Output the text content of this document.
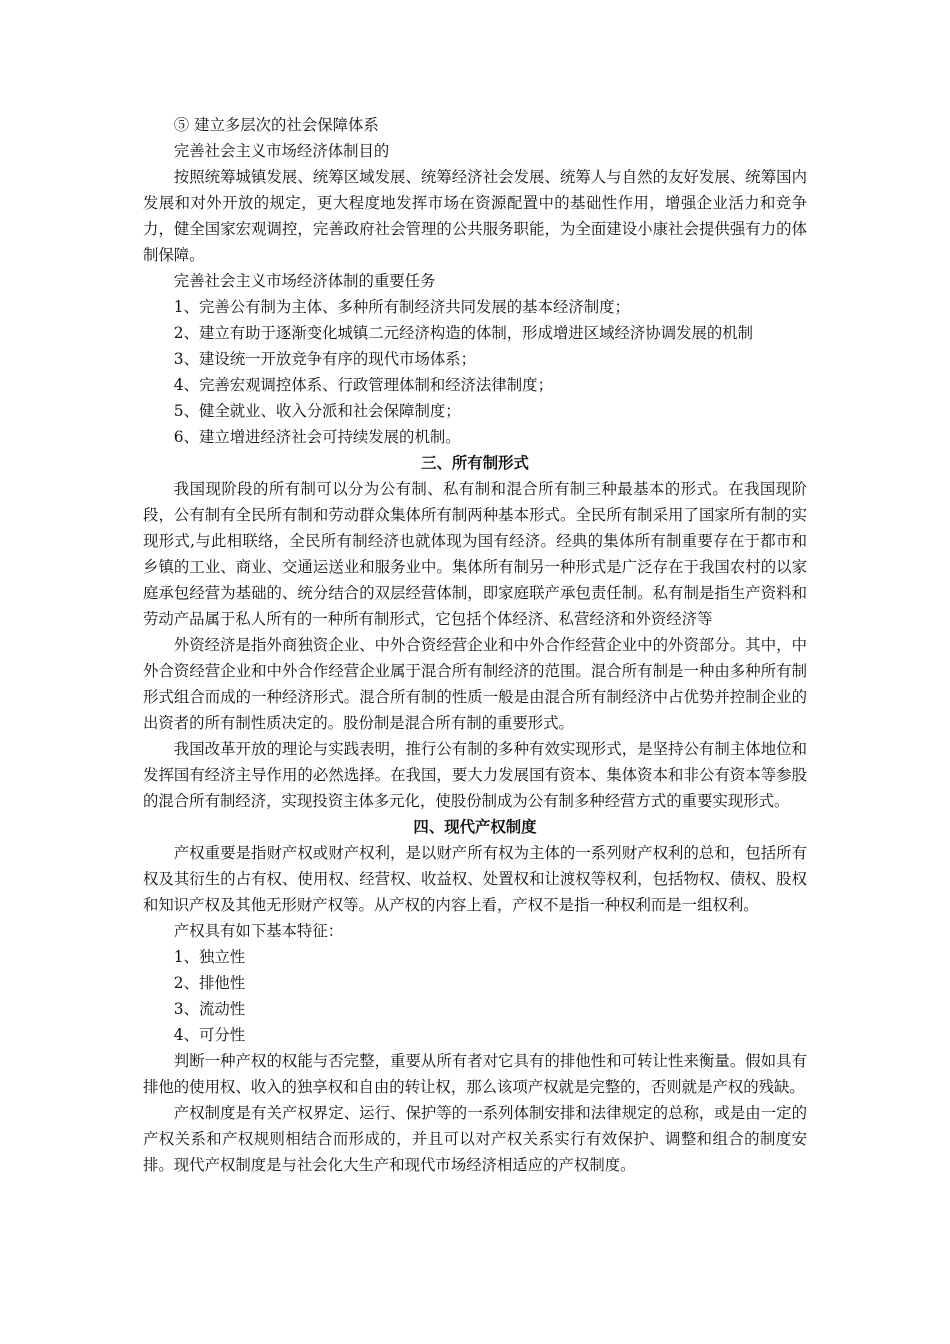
⑤ 建立多层次的社会保障体系

完善社会主义市场经济体制目的

按照统筹城镇发展、统筹区域发展、统筹经济社会发展、统筹人与自然的友好发展、统筹国内发展和对外开放的规定，更大程度地发挥市场在资源配置中的基础性作用，增强企业活力和竞争力，健全国家宏观调控，完善政府社会管理的公共服务职能，为全面建设小康社会提供强有力的体制保障。

完善社会主义市场经济体制的重要任务

1、完善公有制为主体、多种所有制经济共同发展的基本经济制度；

2、建立有助于逐渐变化城镇二元经济构造的体制，形成增进区域经济协调发展的机制

3、建设统一开放竞争有序的现代市场体系；

4、完善宏观调控体系、行政管理体制和经济法律制度；

5、健全就业、收入分派和社会保障制度；

6、建立增进经济社会可持续发展的机制。

三、所有制形式

我国现阶段的所有制可以分为公有制、私有制和混合所有制三种最基本的形式。在我国现阶段，公有制有全民所有制和劳动群众集体所有制两种基本形式。全民所有制采用了国家所有制的实现形式,与此相联络，全民所有制经济也就体现为国有经济。经典的集体所有制重要存在于都市和乡镇的工业、商业、交通运送业和服务业中。集体所有制另一种形式是广泛存在于我国农村的以家庭承包经营为基础的、统分结合的双层经营体制，即家庭联产承包责任制。私有制是指生产资料和劳动产品属于私人所有的一种所有制形式，它包括个体经济、私营经济和外资经济等

外资经济是指外商独资企业、中外合资经营企业和中外合作经营企业中的外资部分。其中，中外合资经营企业和中外合作经营企业属于混合所有制经济的范围。混合所有制是一种由多种所有制形式组合而成的一种经济形式。混合所有制的性质一般是由混合所有制经济中占优势并控制企业的出资者的所有制性质决定的。股份制是混合所有制的重要形式。

我国改革开放的理论与实践表明，推行公有制的多种有效实现形式，是坚持公有制主体地位和发挥国有经济主导作用的必然选择。在我国，要大力发展国有资本、集体资本和非公有资本等参股的混合所有制经济，实现投资主体多元化，使股份制成为公有制多种经营方式的重要实现形式。

四、现代产权制度

产权重要是指财产权或财产权利，是以财产所有权为主体的一系列财产权利的总和，包括所有权及其衍生的占有权、使用权、经营权、收益权、处置权和让渡权等权利，包括物权、债权、股权和知识产权及其他无形财产权等。从产权的内容上看，产权不是指一种权利而是一组权利。

产权具有如下基本特征：

1、独立性

2、排他性

3、流动性

4、可分性

判断一种产权的权能与否完整，重要从所有者对它具有的排他性和可转让性来衡量。假如具有排他的使用权、收入的独享权和自由的转让权，那么该项产权就是完整的，否则就是产权的残缺。

产权制度是有关产权界定、运行、保护等的一系列体制安排和法律规定的总称，或是由一定的产权关系和产权规则相结合而形成的，并且可以对产权关系实行有效保护、调整和组合的制度安排。现代产权制度是与社会化大生产和现代市场经济相适应的产权制度。
